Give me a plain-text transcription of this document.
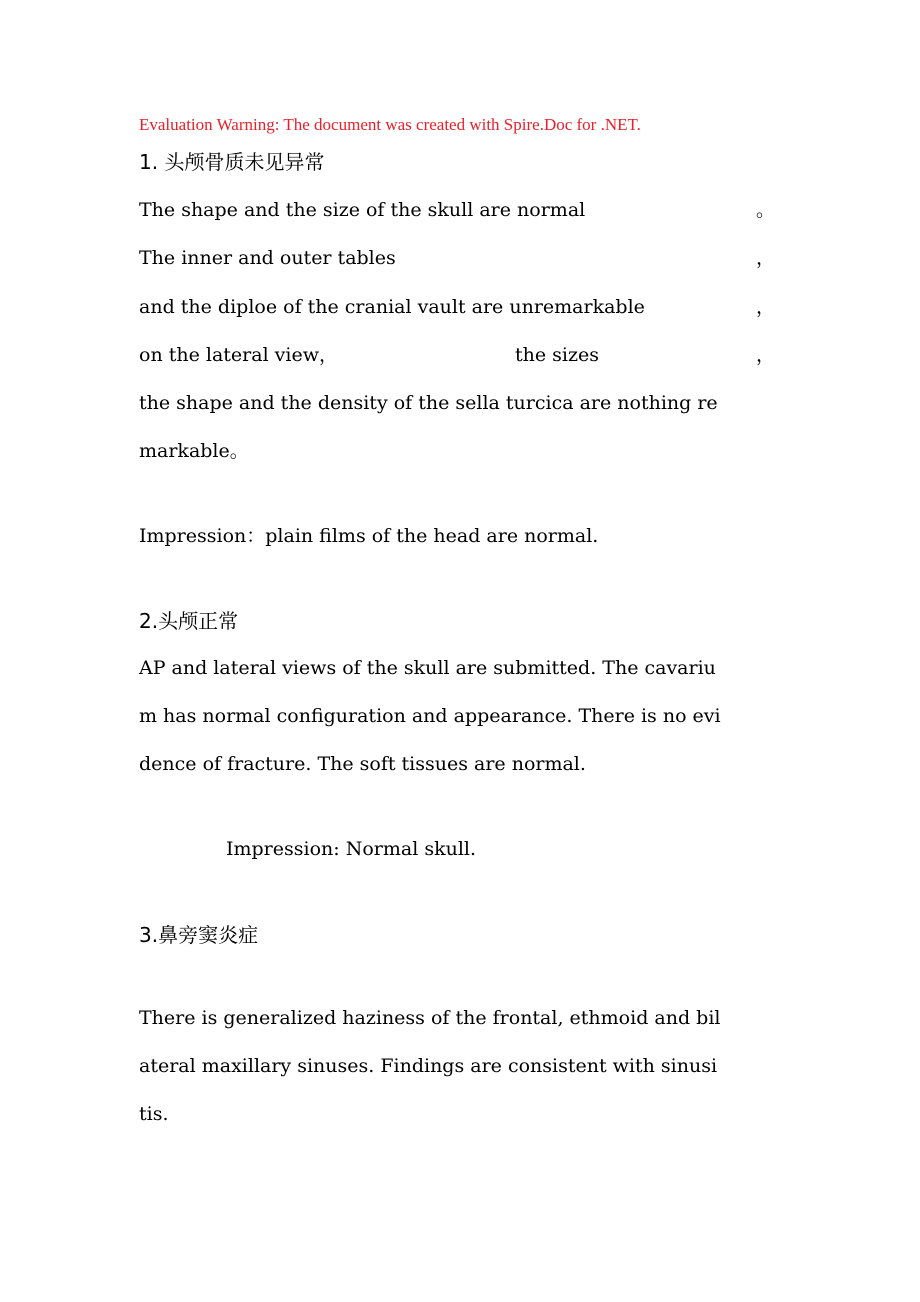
Evaluation Warning: The document was created with Spire.Doc for .NET.

1. 头颅骨质未见异常

The shape and the size of the skull are normal	。

The inner and outer tables	，

and the diploe of the cranial vault are unremarkable	，

on the lateral view，	the sizes	，

the shape and the density of the sella turcica are nothing re

markable。

Impression：plain films of the head are normal.

2.头颅正常

AP and lateral views of the skull are submitted. The cavariu

m has normal configuration and appearance. There is no evi

dence of fracture. The soft tissues are normal.

Impression: Normal skull.

3.鼻旁窦炎症

There is generalized haziness of the frontal, ethmoid and bil

ateral maxillary sinuses. Findings are consistent with sinusi

tis.
